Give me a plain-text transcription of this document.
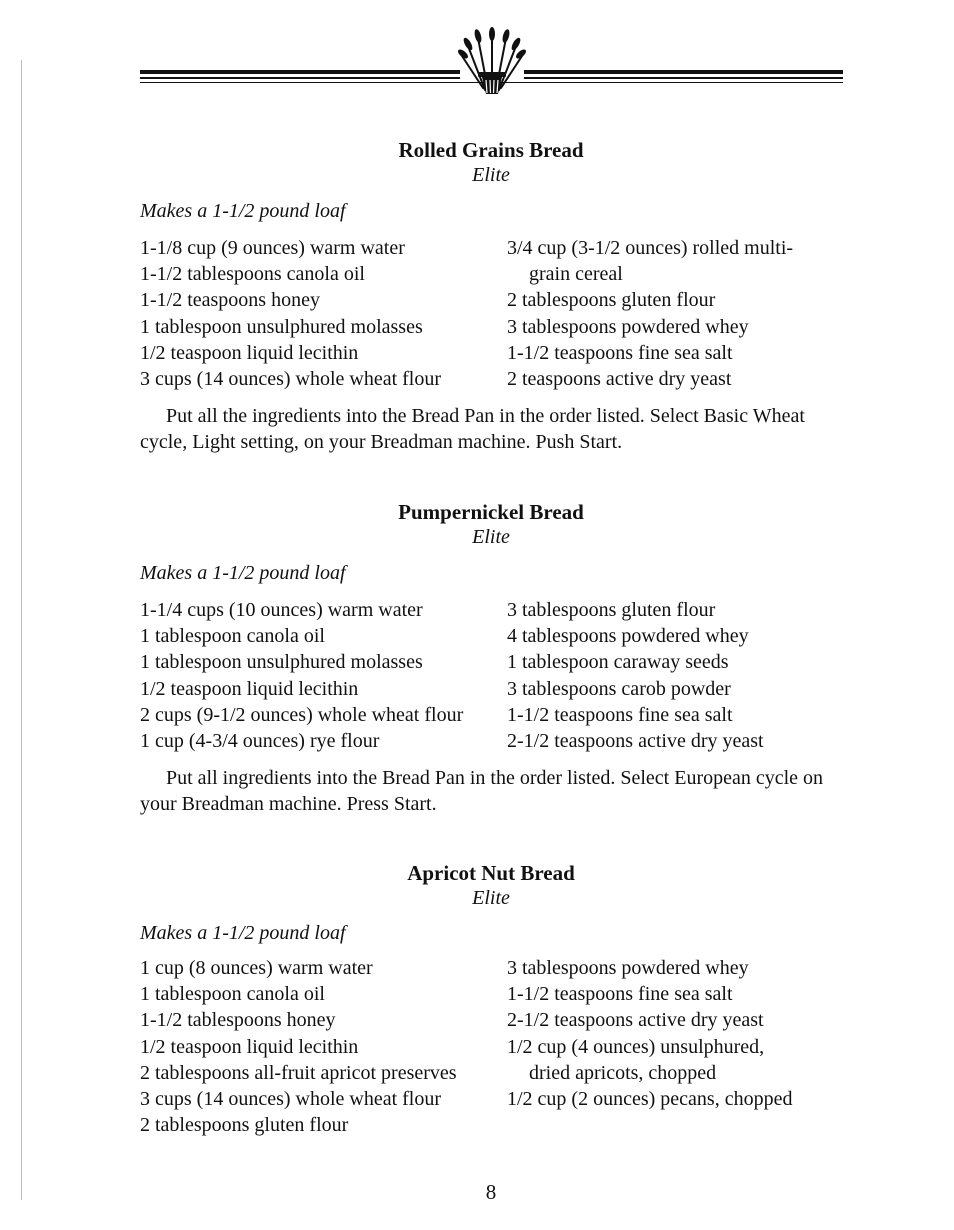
Rolled Grains Bread
Elite
Makes a 1-1/2 pound loaf
1-1/8 cup (9 ounces) warm water
1-1/2 tablespoons canola oil
1-1/2 teaspoons honey
1 tablespoon unsulphured molasses
1/2 teaspoon liquid lecithin
3 cups (14 ounces) whole wheat flour
3/4 cup (3-1/2 ounces) rolled multi-
grain cereal
2 tablespoons gluten flour
3 tablespoons powdered whey
1-1/2 teaspoons fine sea salt
2 teaspoons active dry yeast

Put all the ingredients into the Bread Pan in the order listed. Select Basic Wheat cycle, Light setting, on your Breadman machine. Push Start.

Pumpernickel Bread
Elite
Makes a 1-1/2 pound loaf
1-1/4 cups (10 ounces) warm water
1 tablespoon canola oil
1 tablespoon unsulphured molasses
1/2 teaspoon liquid lecithin
2 cups (9-1/2 ounces) whole wheat flour
1 cup (4-3/4 ounces) rye flour
3 tablespoons gluten flour
4 tablespoons powdered whey
1 tablespoon caraway seeds
3 tablespoons carob powder
1-1/2 teaspoons fine sea salt
2-1/2 teaspoons active dry yeast

Put all ingredients into the Bread Pan in the order listed. Select European cycle on your Breadman machine. Press Start.

Apricot Nut Bread
Elite
Makes a 1-1/2 pound loaf
1 cup (8 ounces) warm water
1 tablespoon canola oil
1-1/2 tablespoons honey
1/2 teaspoon liquid lecithin
2 tablespoons all-fruit apricot preserves
3 cups (14 ounces) whole wheat flour
2 tablespoons gluten flour
3 tablespoons powdered whey
1-1/2 teaspoons fine sea salt
2-1/2 teaspoons active dry yeast
1/2 cup (4 ounces) unsulphured,
dried apricots, chopped
1/2 cup (2 ounces) pecans, chopped
8
